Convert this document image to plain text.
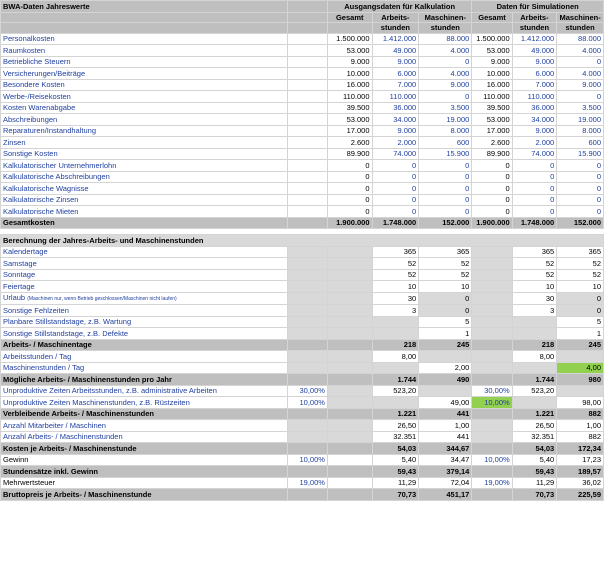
BWA-Daten Jahreswerte		Ausgangsdaten für Kalkulation			Daten für Simulationen		
		Gesamt	Arbeits-	Maschinen-	Gesamt	Arbeits-	Maschinen-
			stunden	stunden		stunden	stunden
Personalkosten		1.500.000	1.412.000	88.000	1.500.000	1.412.000	88.000
Raumkosten		53.000	49.000	4.000	53.000	49.000	4.000
Betriebliche Steuern		9.000	9.000	0	9.000	9.000	0
Versicherungen/Beiträge		10.000	6.000	4.000	10.000	6.000	4.000
Besondere Kosten		16.000	7.000	9.000	16.000	7.000	9.000
Werbe-/Reisekosten		110.000	110.000	0	110.000	110.000	0
Kosten Warenabgabe		39.500	36.000	3.500	39.500	36.000	3.500
Abschreibungen		53.000	34.000	19.000	53.000	34.000	19.000
Reparaturen/Instandhaltung		17.000	9.000	8.000	17.000	9.000	8.000
Zinsen		2.600	2.000	600	2.600	2.000	600
Sonstige Kosten		89.900	74.000	15.900	89.900	74.000	15.900
Kalkulatorischer Unternehmerlohn		0	0	0	0	0	0
Kalkulatorische Abschreibungen		0	0	0	0	0	0
Kalkulatorische Wagnisse		0	0	0	0	0	0
Kalkulatorische Zinsen		0	0	0	0	0	0
Kalkulatorische Mieten		0	0	0	0	0	0
Gesamtkosten		1.900.000	1.748.000	152.000	1.900.000	1.748.000	152.000

Berechnung der Jahres-Arbeits- und Maschinenstunden							
Kalendertage			365	365		365	365
Samstage			52	52		52	52
Sonntage			52	52		52	52
Feiertage			10	10		10	10
Urlaub (Maschinen nur, wenn Betrieb geschlossen/Maschinen nicht laufen)			30	0		30	0
Sonstige Fehlzeiten			3	0		3	0
Planbare Stillstandstage, z.B. Wartung				5			5
Sonstige Stillstandstage, z.B. Defekte				1			1
Arbeits- / Maschinentage			218	245		218	245
Arbeitsstunden / Tag			8,00			8,00	
Maschinenstunden / Tag				2,00			4,00
Mögliche Arbeits- / Maschinenstunden pro Jahr			1.744	490		1.744	980
Unproduktive Zeiten Arbeitsstunden, z.B. administrative Arbeiten	30,00%		523,20		30,00%	523,20	
Unproduktive Zeiten Maschinenstunden, z.B. Rüstzeiten	10,00%			49,00	10,00%		98,00
Verbleibende Arbeits- / Maschinenstunden			1.221	441		1.221	882
Anzahl Mitarbeiter / Maschinen			26,50	1,00		26,50	1,00
Anzahl Arbeits- / Maschinenstunden			32.351	441		32.351	882
Kosten je Arbeits- / Maschinenstunde			54,03	344,67		54,03	172,34
Gewinn	10,00%		5,40	34,47	10,00%	5,40	17,23
Stundensätze inkl. Gewinn			59,43	379,14		59,43	189,57
Mehrwertsteuer	19,00%		11,29	72,04	19,00%	11,29	36,02
Bruttopreis je Arbeits- / Maschinenstunde			70,73	451,17		70,73	225,59
